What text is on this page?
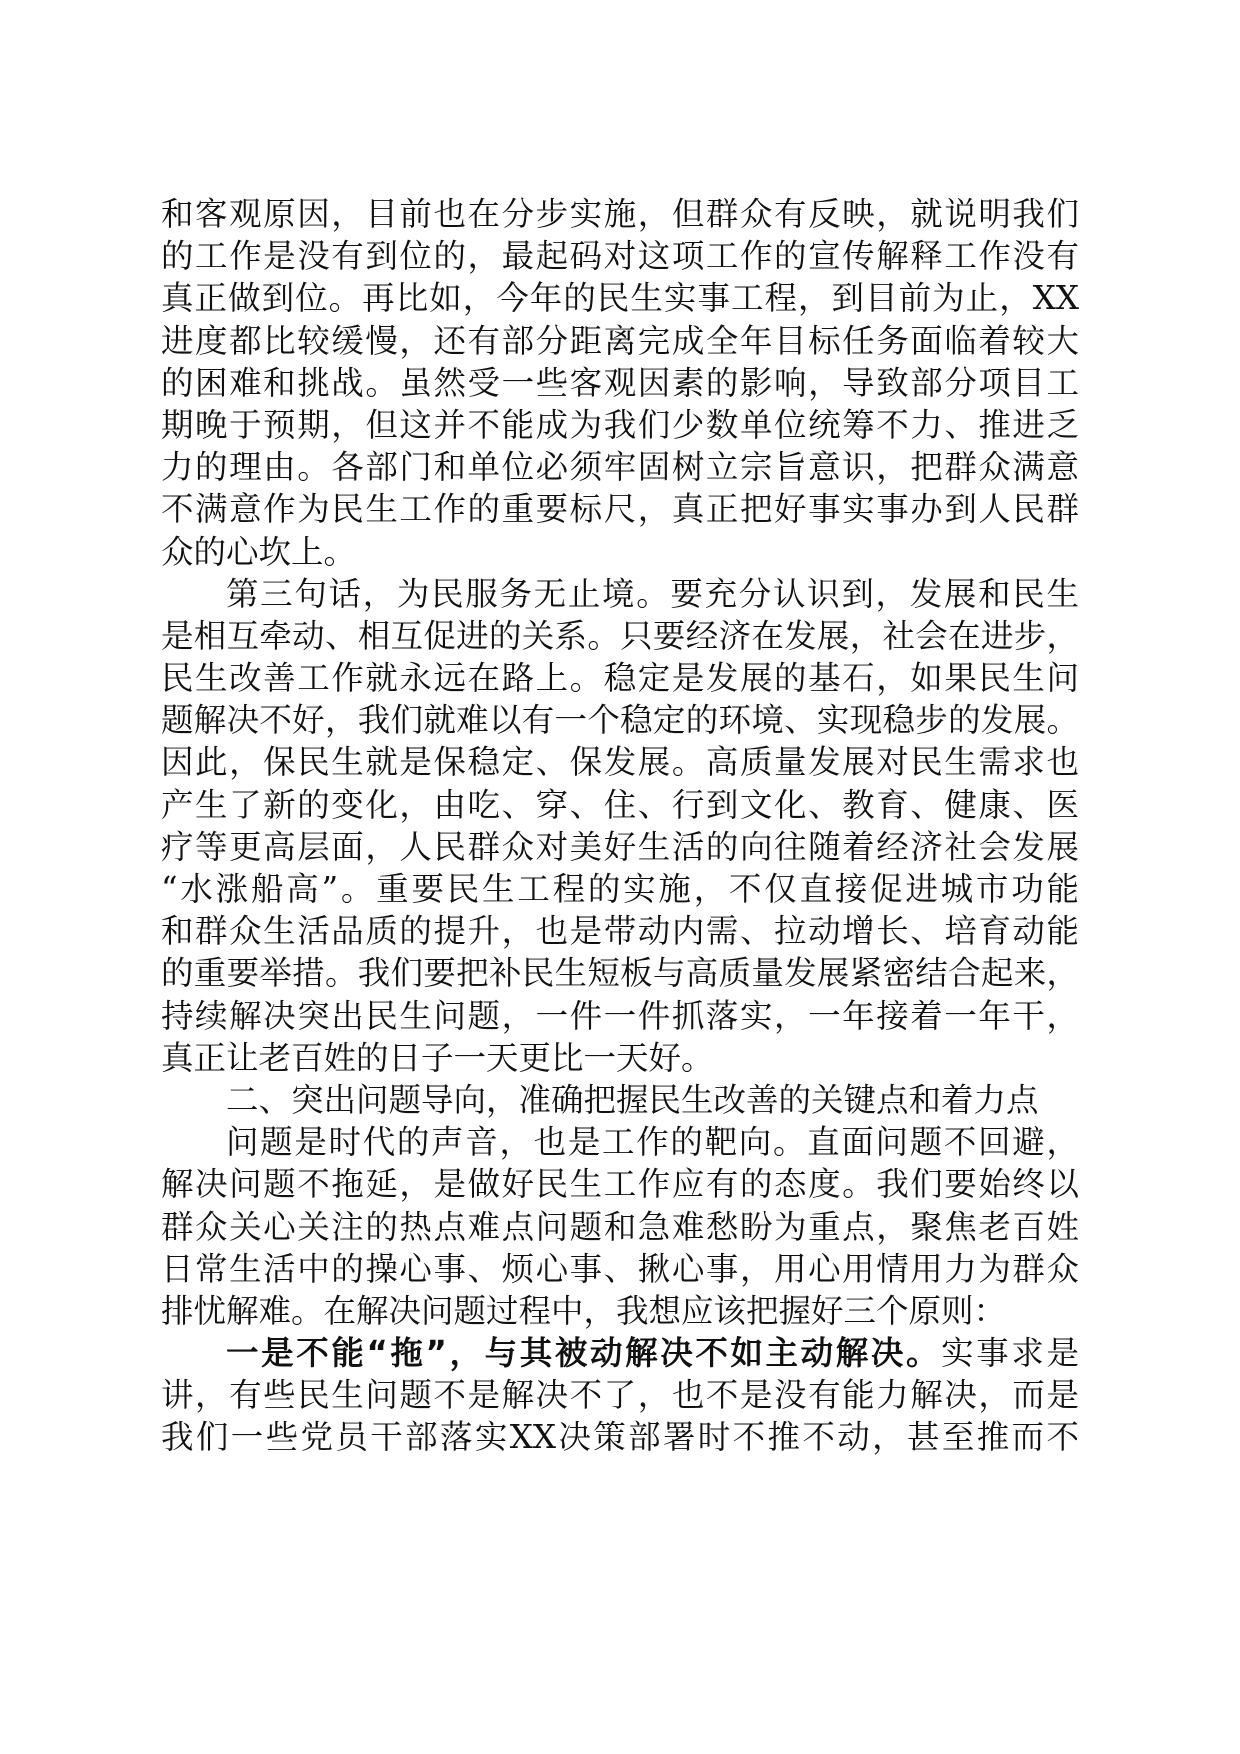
和客观原因，目前也在分步实施，但群众有反映，就说明我们
的工作是没有到位的，最起码对这项工作的宣传解释工作没有
真正做到位。再比如，今年的民生实事工程，到目前为止，XX
进度都比较缓慢，还有部分距离完成全年目标任务面临着较大
的困难和挑战。虽然受一些客观因素的影响，导致部分项目工
期晚于预期，但这并不能成为我们少数单位统筹不力、推进乏
力的理由。各部门和单位必须牢固树立宗旨意识，把群众满意
不满意作为民生工作的重要标尺，真正把好事实事办到人民群
众的心坎上。
第三句话，为民服务无止境。要充分认识到，发展和民生
是相互牵动、相互促进的关系。只要经济在发展，社会在进步，
民生改善工作就永远在路上。稳定是发展的基石，如果民生问
题解决不好，我们就难以有一个稳定的环境、实现稳步的发展。
因此，保民生就是保稳定、保发展。高质量发展对民生需求也
产生了新的变化，由吃、穿、住、行到文化、教育、健康、医
疗等更高层面，人民群众对美好生活的向往随着经济社会发展
“水涨船高”。重要民生工程的实施，不仅直接促进城市功能
和群众生活品质的提升，也是带动内需、拉动增长、培育动能
的重要举措。我们要把补民生短板与高质量发展紧密结合起来，
持续解决突出民生问题，一件一件抓落实，一年接着一年干，
真正让老百姓的日子一天更比一天好。
二、突出问题导向，准确把握民生改善的关键点和着力点
问题是时代的声音，也是工作的靶向。直面问题不回避，
解决问题不拖延，是做好民生工作应有的态度。我们要始终以
群众关心关注的热点难点问题和急难愁盼为重点，聚焦老百姓
日常生活中的操心事、烦心事、揪心事，用心用情用力为群众
排忧解难。在解决问题过程中，我想应该把握好三个原则：
一是不能“拖”，与其被动解决不如主动解决。实事求是
讲，有些民生问题不是解决不了，也不是没有能力解决，而是
我们一些党员干部落实XX决策部署时不推不动，甚至推而不
